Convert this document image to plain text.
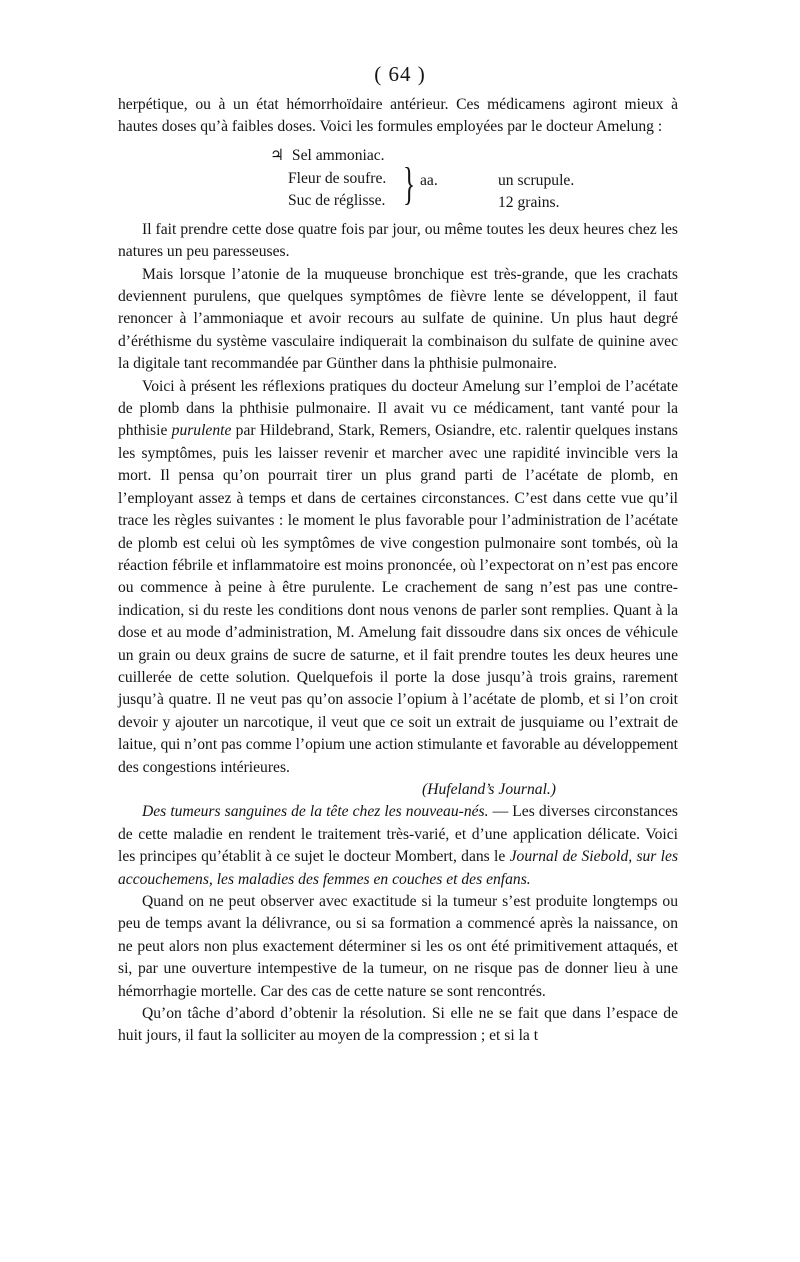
( 64 )

herpétique, ou à un état hémorrhoïdaire antérieur. Ces médicamens agiront mieux à hautes doses qu’à faibles doses. Voici les formules employées par le docteur Amelung :

♃ Sel ammoniac.
Fleur de soufre.
Suc de réglisse. } aa.	un scrupule.
12 grains.

Il fait prendre cette dose quatre fois par jour, ou même toutes les deux heures chez les natures un peu paresseuses.

Mais lorsque l’atonie de la muqueuse bronchique est très-grande, que les crachats deviennent purulens, que quelques symptômes de fièvre lente se développent, il faut renoncer à l’ammoniaque et avoir recours au sulfate de quinine. Un plus haut degré d’éréthisme du système vasculaire indiquerait la combinaison du sulfate de quinine avec la digitale tant recommandée par Günther dans la phthisie pulmonaire.

Voici à présent les réflexions pratiques du docteur Amelung sur l’emploi de l’acétate de plomb dans la phthisie pulmonaire. Il avait vu ce médicament, tant vanté pour la phthisie purulente par Hildebrand, Stark, Remers, Osiandre, etc. ralentir quelques instans les symptômes, puis les laisser revenir et marcher avec une rapidité invincible vers la mort. Il pensa qu’on pourrait tirer un plus grand parti de l’acétate de plomb, en l’employant assez à temps et dans de certaines circonstances. C’est dans cette vue qu’il trace les règles suivantes : le moment le plus favorable pour l’administration de l’acétate de plomb est celui où les symptômes de vive congestion pulmonaire sont tombés, où la réaction fébrile et inflammatoire est moins prononcée, où l’expectorat on n’est pas encore ou commence à peine à être purulente. Le crachement de sang n’est pas une contre-indication, si du reste les conditions dont nous venons de parler sont remplies. Quant à la dose et au mode d’administration, M. Amelung fait dissoudre dans six onces de véhicule un grain ou deux grains de sucre de saturne, et il fait prendre toutes les deux heures une cuillerée de cette solution. Quelquefois il porte la dose jusqu’à trois grains, rarement jusqu’à quatre. Il ne veut pas qu’on associe l’opium à l’acétate de plomb, et si l’on croit devoir y ajouter un narcotique, il veut que ce soit un extrait de jusquiame ou l’extrait de laitue, qui n’ont pas comme l’opium une action stimulante et favorable au développement des congestions intérieures.

(Hufeland’s Journal.)

Des tumeurs sanguines de la tête chez les nouveau-nés. — Les diverses circonstances de cette maladie en rendent le traitement très-varié, et d’une application délicate. Voici les principes qu’établit à ce sujet le docteur Mombert, dans le Journal de Siebold, sur les accouchemens, les maladies des femmes en couches et des enfans.

Quand on ne peut observer avec exactitude si la tumeur s’est produite longtemps ou peu de temps avant la délivrance, ou si sa formation a commencé après la naissance, on ne peut alors non plus exactement déterminer si les os ont été primitivement attaqués, et si, par une ouverture intempestive de la tumeur, on ne risque pas de donner lieu à une hémorrhagie mortelle. Car des cas de cette nature se sont rencontrés.

Qu’on tâche d’abord d’obtenir la résolution. Si elle ne se fait que dans l’espace de huit jours, il faut la solliciter au moyen de la compression ; et si la t
